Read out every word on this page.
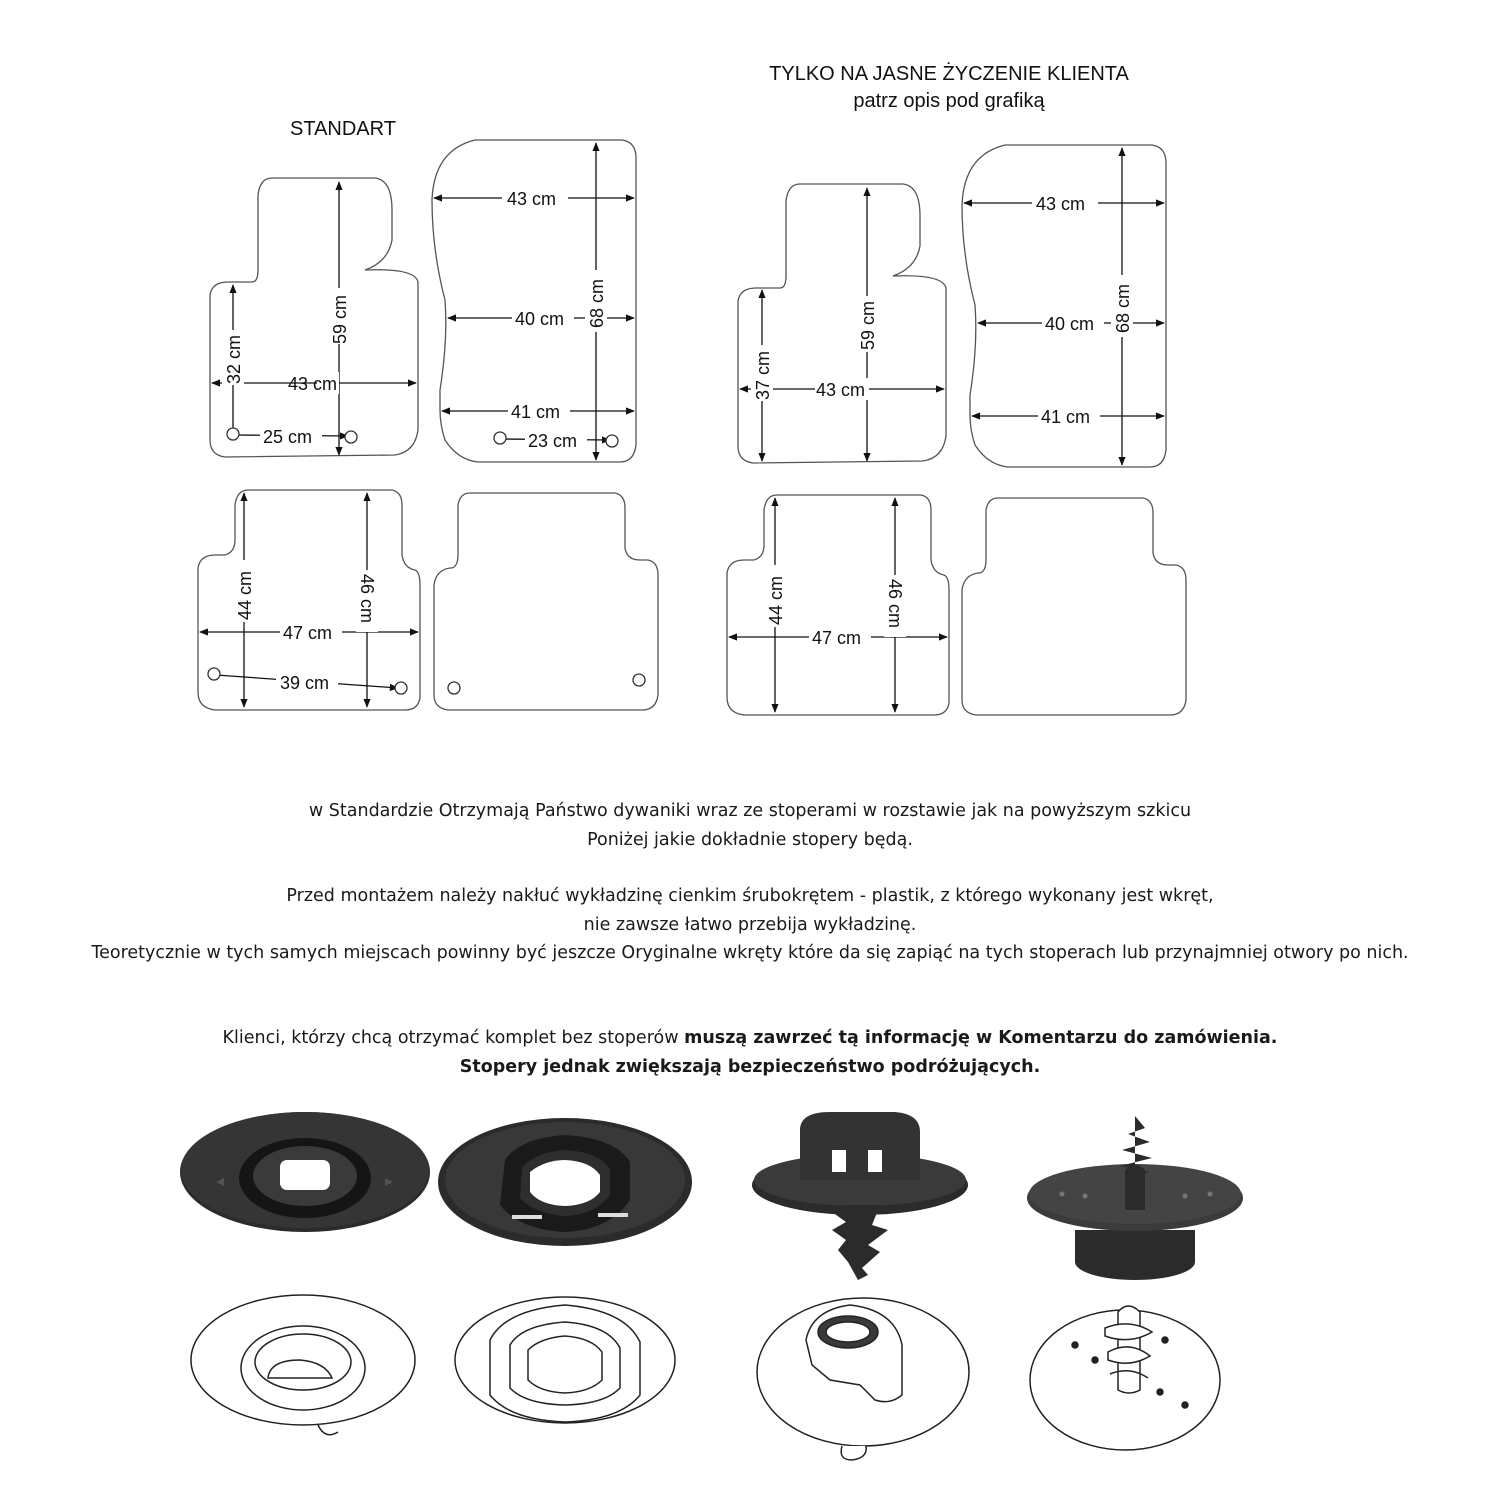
STANDART
TYLKO NA JASNE ŻYCZENIE KLIENTA
patrz opis pod grafiką
43 cm
25 cm
59 cm
32 cm
43 cm
40 cm
41 cm
23 cm
68 cm
47 cm
39 cm
44 cm	46 cm
43 cm
59 cm
37 cm
43 cm
40 cm
41 cm
68 cm
47 cm
44 cm	46 cm

w Standardzie Otrzymają Państwo dywaniki wraz ze stoperami w rozstawie jak na powyższym szkicu

Poniżej jakie dokładnie stopery będą.

Przed montażem należy nakłuć wykładzinę cienkim śrubokrętem - plastik, z którego wykonany jest wkręt,

nie zawsze łatwo przebija wykładzinę.

Teoretycznie w tych samych miejscach powinny być jeszcze Oryginalne wkręty które da się zapiąć na tych stoperach lub przynajmniej otwory po nich.

Klienci, którzy chcą otrzymać komplet bez stoperów muszą zawrzeć tą informację w Komentarzu do zamówienia.

Stopery jednak zwiększają bezpieczeństwo podróżujących.
